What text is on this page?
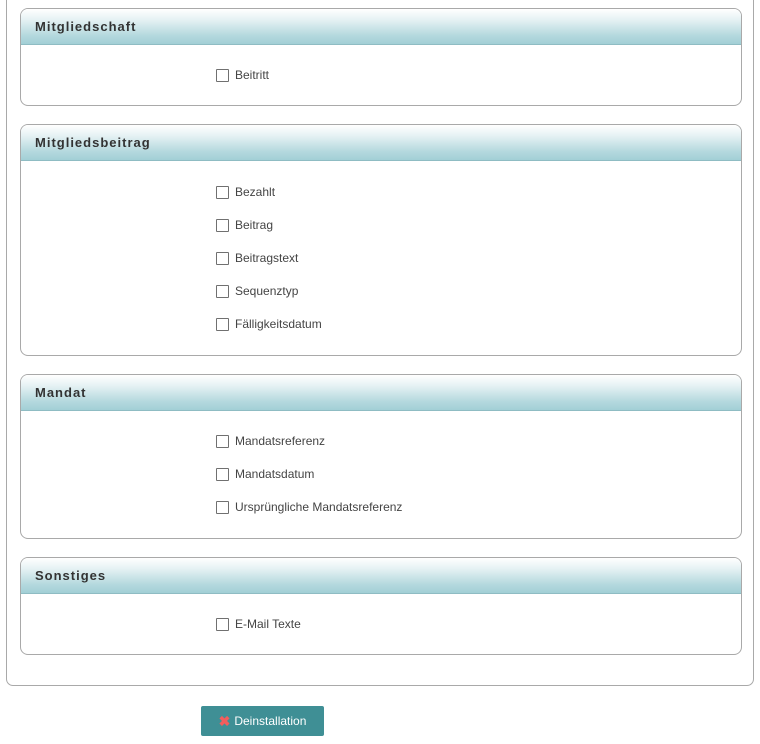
Mitgliedschaft
Beitritt
Mitgliedsbeitrag
Bezahlt
Beitrag
Beitragstext
Sequenztyp
Fälligkeitsdatum
Mandat
Mandatsreferenz
Mandatsdatum
Ursprüngliche Mandatsreferenz
Sonstiges
E-Mail Texte
✖ Deinstallation
